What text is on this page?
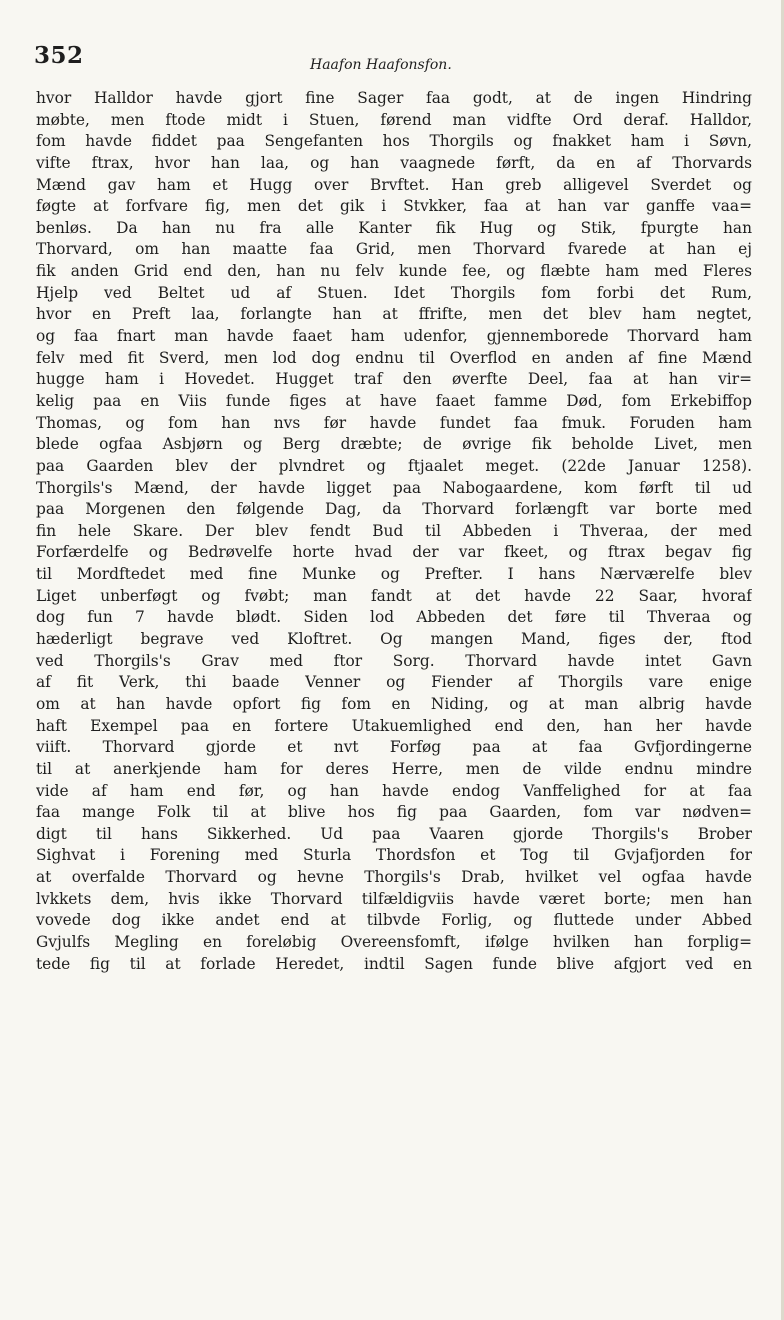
352	Haafon Haafonsfon.
hvor Halldor havde gjort fine Sager faa godt, at de ingen Hindring
møbte, men ftode midt i Stuen, førend man vidfte Ord deraf. Halldor,
fom havde fiddet paa Sengefanten hos Thorgils og fnakket ham i Søvn,
vifte ftrax, hvor han laa, og han vaagnede førft, da en af Thorvards
Mænd gav ham et Hugg over Brvftet. Han greb alligevel Sverdet og
føgte at forfvare fig, men det gik i Stvkker, faa at han var ganffe vaa=
benløs. Da han nu fra alle Kanter fik Hug og Stik, fpurgte han
Thorvard, om han maatte faa Grid, men Thorvard fvarede at han ej
fik anden Grid end den, han nu felv kunde fee, og flæbte ham med Fleres
Hjelp ved Beltet ud af Stuen. Idet Thorgils fom forbi det Rum,
hvor en Preft laa, forlangte han at ffrifte, men det blev ham negtet,
og faa fnart man havde faaet ham udenfor, gjennemborede Thorvard ham
felv med fit Sverd, men lod dog endnu til Overflod en anden af fine Mænd
hugge ham i Hovedet. Hugget traf den øverfte Deel, faa at han vir=
kelig paa en Viis funde figes at have faaet famme Død, fom Erkebiffop
Thomas, og fom han nvs før havde fundet faa fmuk. Foruden ham
blede ogfaa Asbjørn og Berg dræbte; de øvrige fik beholde Livet, men
paa Gaarden blev der plvndret og ftjaalet meget. (22de Januar 1258).
Thorgils's Mænd, der havde ligget paa Nabogaardene, kom førft til ud
paa Morgenen den følgende Dag, da Thorvard forlængft var borte med
fin hele Skare. Der blev fendt Bud til Abbeden i Thveraa, der med
Forfærdelfe og Bedrøvelfe horte hvad der var fkeet, og ftrax begav fig
til Mordftedet med fine Munke og Prefter. I hans Nærværelfe blev
Liget unberføgt og fvøbt; man fandt at det havde 22 Saar, hvoraf
dog fun 7 havde blødt. Siden lod Abbeden det føre til Thveraa og
hæderligt begrave ved Kloftret. Og mangen Mand, figes der, ftod
ved Thorgils's Grav med ftor Sorg. Thorvard havde intet Gavn
af fit Verk, thi baade Venner og Fiender af Thorgils vare enige
om at han havde opfort fig fom en Niding, og at man albrig havde
haft Exempel paa en fortere Utakuemlighed end den, han her havde
viift. Thorvard gjorde et nvt Forføg paa at faa Gvfjordingerne
til at anerkjende ham for deres Herre, men de vilde endnu mindre
vide af ham end før, og han havde endog Vanffelighed for at faa
faa mange Folk til at blive hos fig paa Gaarden, fom var nødven=
digt til hans Sikkerhed. Ud paa Vaaren gjorde Thorgils's Brober
Sighvat i Forening med Sturla Thordsfon et Tog til Gvjafjorden for
at overfalde Thorvard og hevne Thorgils's Drab, hvilket vel ogfaa havde
lvkkets dem, hvis ikke Thorvard tilfældigviis havde været borte; men han
vovede dog ikke andet end at tilbvde Forlig, og fluttede under Abbed
Gvjulfs Megling en foreløbig Overeensfomft, ifølge hvilken han forplig=
tede fig til at forlade Heredet, indtil Sagen funde blive afgjort ved en
